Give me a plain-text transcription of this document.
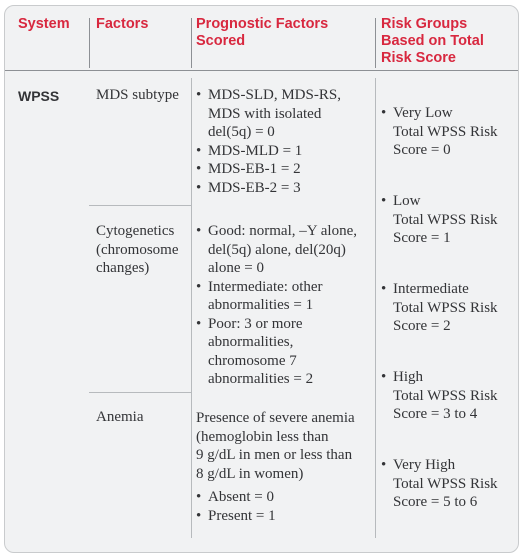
System Factors	Prognostic Factors
Scored
Risk Groups
Based on Total
Risk Score
WPSS MDS subtype
•	MDS-SLD, MDS-RS,
MDS with isolated
del(5q) = 0
• MDS-MLD = 1
• MDS-EB-1 = 2
• MDS-EB-2 = 3
Cytogenetics
(chromosome
changes)
• Good: normal, –Y alone,
del(5q) alone, del(20q)
alone = 0
• Intermediate: other
abnormalities = 1
• Poor: 3 or more
abnormalities,
chromosome 7
abnormalities = 2
Anemia	Presence of severe anemia
(hemoglobin less than
9 g/dL in men or less than
8 g/dL in women)
• Absent = 0
• Present = 1
• Very Low
Total WPSS Risk
Score = 0
• Low
Total WPSS Risk
Score = 1
• Intermediate
Total WPSS Risk
Score = 2
• High
Total WPSS Risk
Score = 3 to 4
• Very High
Total WPSS Risk
Score = 5 to 6
